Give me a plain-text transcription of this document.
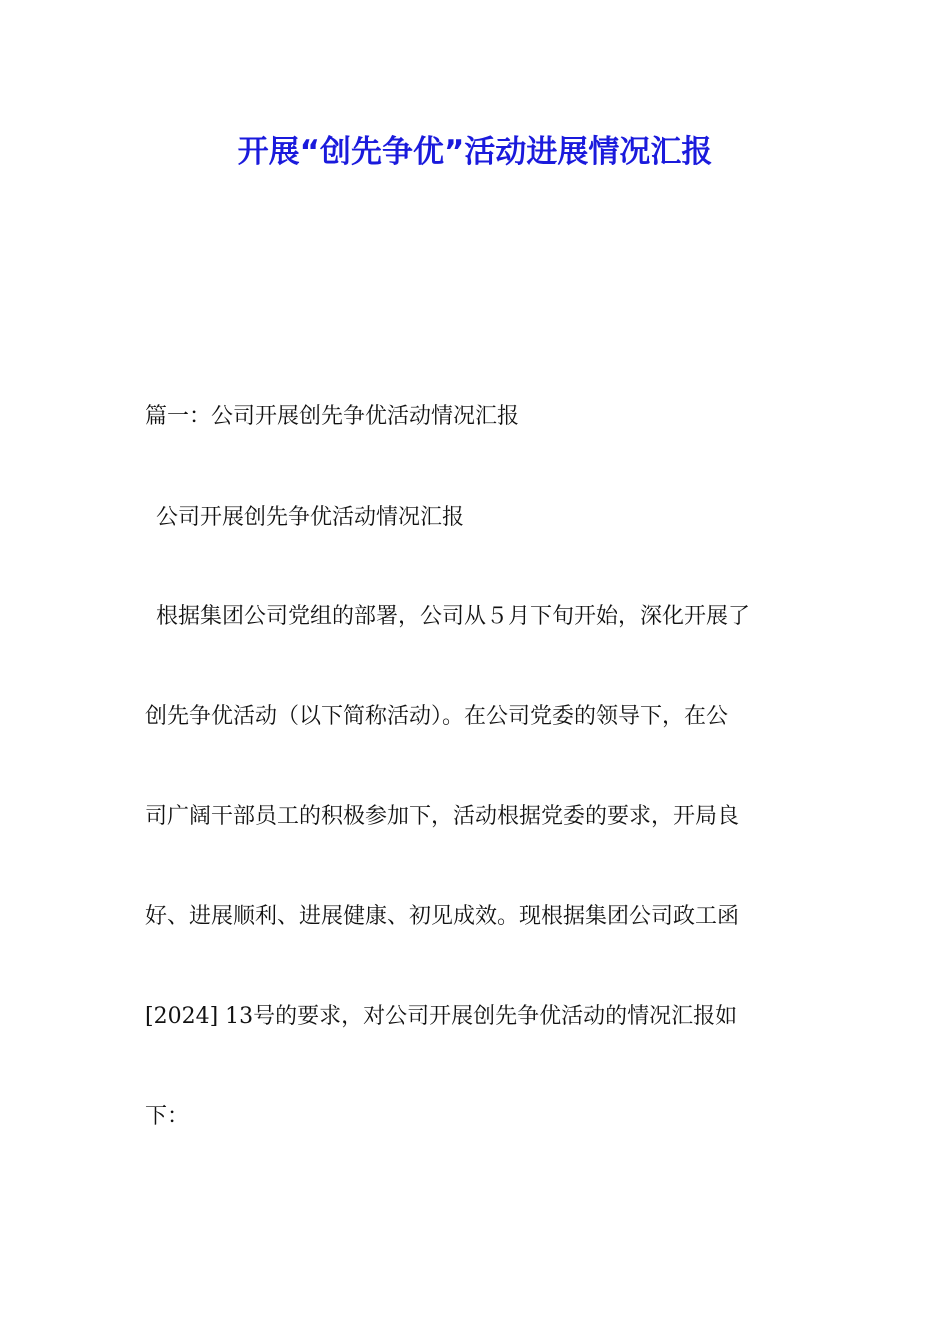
开展“创先争优”活动进展情况汇报

篇一：公司开展创先争优活动情况汇报

公司开展创先争优活动情况汇报

根据集团公司党组的部署，公司从５月下旬开始，深化开展了

创先争优活动（以下简称活动）。在公司党委的领导下，在公

司广阔干部员工的积极参加下，活动根据党委的要求，开局良

好、进展顺利、进展健康、初见成效。现根据集团公司政工函

[2024] 13号的要求，对公司开展创先争优活动的情况汇报如

下：
